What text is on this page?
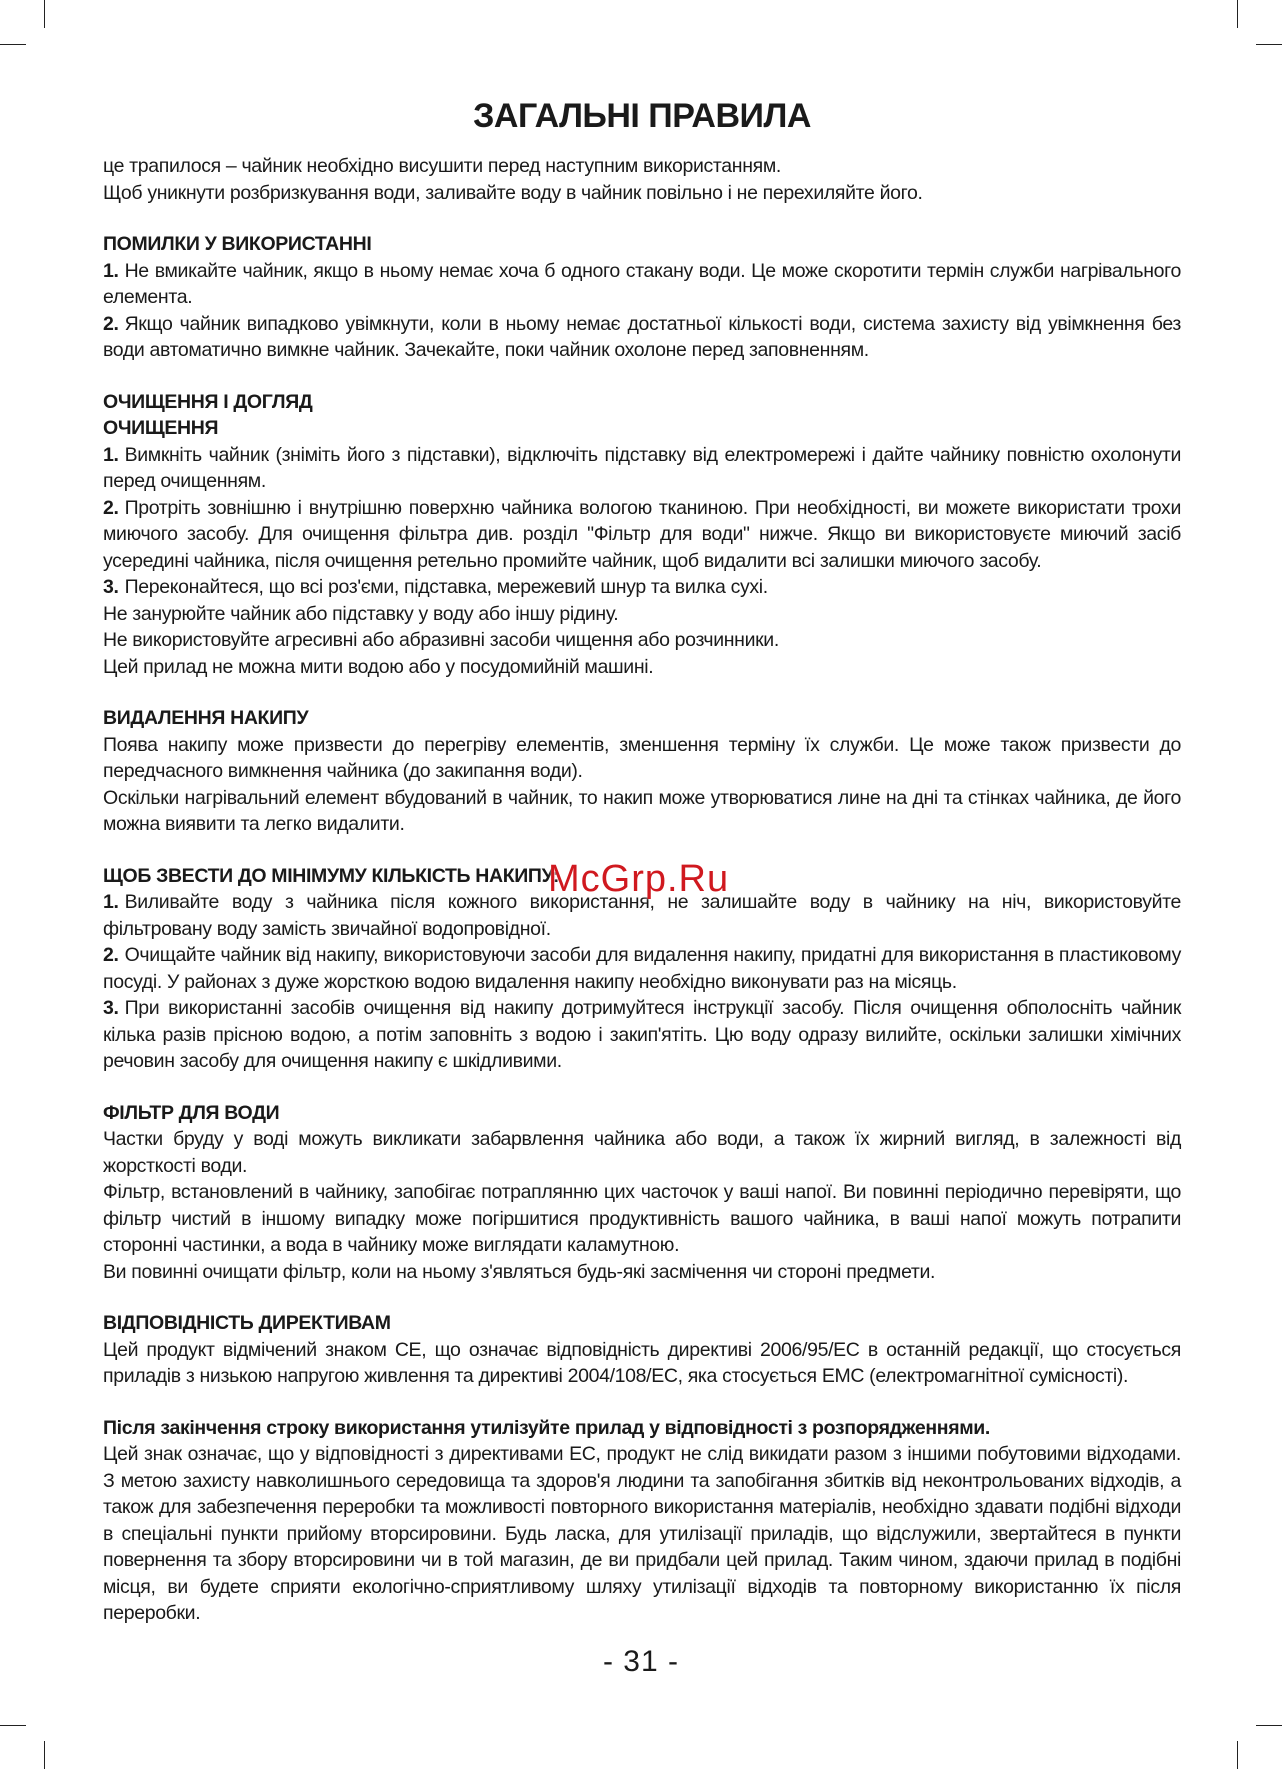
ЗАГАЛЬНІ ПРАВИЛА

це трапилося – чайник необхідно висушити перед наступним використанням.

Щоб уникнути розбризкування води, заливайте воду в чайник повільно і не перехиляйте його.

ПОМИЛКИ У ВИКОРИСТАННІ

1. Не вмикайте чайник, якщо в ньому немає хоча б одного стакану води. Це може скоротити термін служби нагрівального елемента.

2. Якщо чайник випадково увімкнути, коли в ньому немає достатньої кількості води, система захисту від увімкнення без води автоматично вимкне чайник. Зачекайте, поки чайник охолоне перед заповненням.

ОЧИЩЕННЯ І ДОГЛЯД

ОЧИЩЕННЯ

1. Вимкніть чайник (зніміть його з підставки), відключіть підставку від електромережі і дайте чайнику повністю охолонути перед очищенням.

2. Протріть зовнішню і внутрішню поверхню чайника вологою тканиною. При необхідності, ви можете використати трохи миючого засобу. Для очищення фільтра див. розділ "Фільтр для води" нижче. Якщо ви використовуєте миючий засіб усередині чайника, після очищення ретельно промийте чайник, щоб видалити всі залишки миючого засобу.

3. Переконайтеся, що всі роз'єми, підставка, мережевий шнур та вилка сухі.

Не занурюйте чайник або підставку у воду або іншу рідину.

Не використовуйте агресивні або абразивні засоби чищення або розчинники.

Цей прилад не можна мити водою або у посудомийній машині.

ВИДАЛЕННЯ НАКИПУ

Поява накипу може призвести до перегріву елементів, зменшення терміну їх служби. Це може також призвести до передчасного вимкнення чайника (до закипання води).

Оскільки нагрівальний елемент вбудований в чайник, то накип може утворюватися лине на дні та стінках чайника, де його можна виявити та легко видалити.

ЩОБ ЗВЕСТИ ДО МІНІМУМУ КІЛЬКІСТЬ НАКИПУ:

1. Виливайте воду з чайника після кожного використання, не залишайте воду в чайнику на ніч, використовуйте фільтровану воду замість звичайної водопровідної.

2. Очищайте чайник від накипу, використовуючи засоби для видалення накипу, придатні для використання в пластиковому посуді. У районах з дуже жорсткою водою видалення накипу необхідно виконувати раз на місяць.

3. При використанні засобів очищення від накипу дотримуйтеся інструкції засобу. Після очищення обполосніть чайник кілька разів прісною водою, а потім заповніть з водою і закип'ятіть. Цю воду одразу вилийте, оскільки залишки хімічних речовин засобу для очищення накипу є шкідливими.

ФІЛЬТР ДЛЯ ВОДИ

Частки бруду у воді можуть викликати забарвлення чайника або води, а також їх жирний вигляд, в залежності від жорсткості води.

Фільтр, встановлений в чайнику, запобігає потраплянню цих часточок у ваші напої. Ви повинні періодично перевіряти, що фільтр чистий в іншому випадку може погіршитися продуктивність вашого чайника, в ваші напої можуть потрапити сторонні частинки, а вода в чайнику може виглядати каламутною.

Ви повинні очищати фільтр, коли на ньому з'являться будь-які засмічення чи стороні предмети.

ВІДПОВІДНІСТЬ ДИРЕКТИВАМ

Цей продукт відмічений знаком CE, що означає відповідність директиві 2006/95/EC в останній редакції, що стосується приладів з низькою напругою живлення та директиві 2004/108/EC, яка стосується EMC (електромагнітної сумісності).

Після закінчення строку використання утилізуйте прилад у відповідності з розпорядженнями.

Цей знак означає, що у відповідності з директивами ЕС, продукт не слід викидати разом з іншими побутовими відходами. З метою захисту навколишнього середовища та здоров'я людини та запобігання збитків від неконтрольованих відходів, а також для забезпечення переробки та можливості повторного використання матеріалів, необхідно здавати подібні відходи в спеціальні пункти прийому вторсировини. Будь ласка, для утилізації приладів, що відслужили, звертайтеся в пункти повернення та збору вторсировини чи в той магазин, де ви придбали цей прилад. Таким чином, здаючи прилад в подібні місця, ви будете сприяти екологічно-сприятливому шляху утилізації відходів та повторному використанню їх після переробки.

McGrp.Ru
- 31 -
